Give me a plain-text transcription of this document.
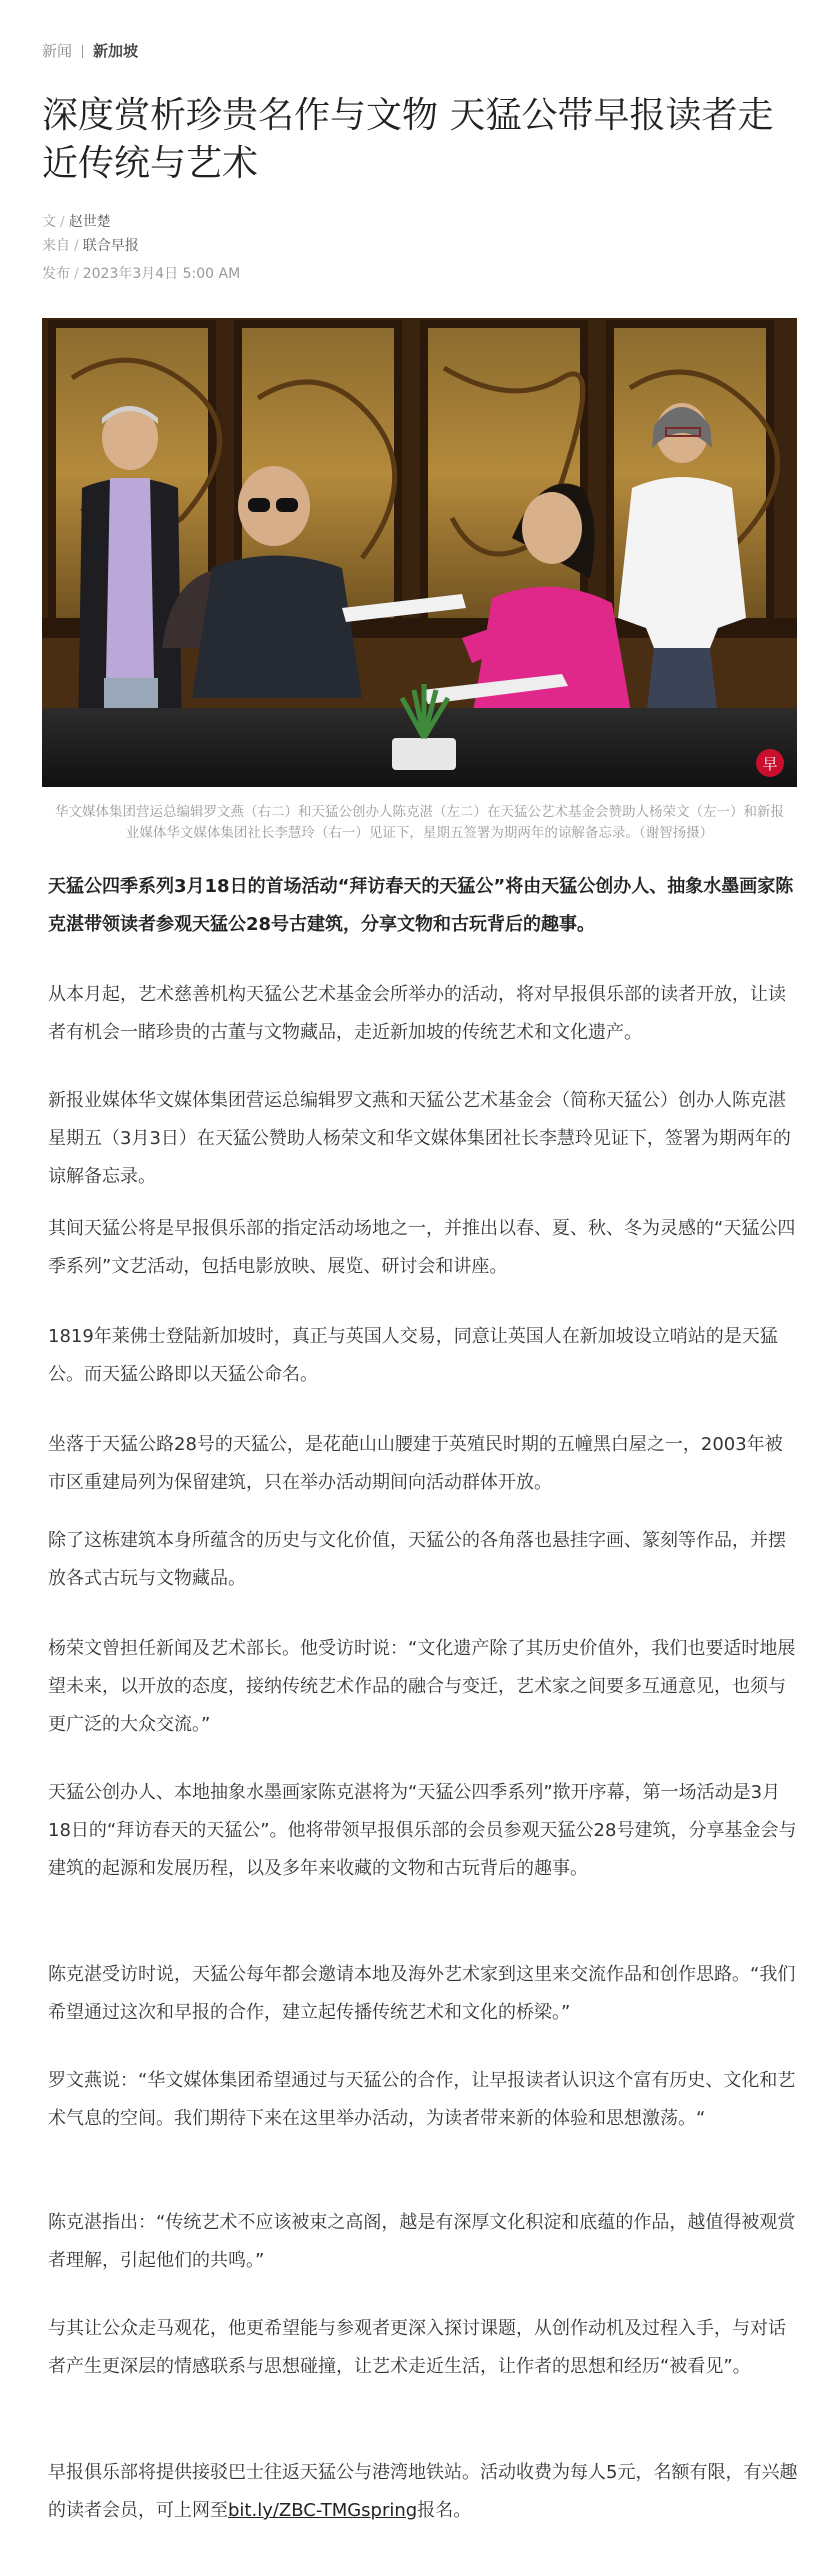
新闻 新加坡
深度赏析珍贵名作与文物 天猛公带早报读者走近传统与艺术
文 / 赵世楚
来自 / 联合早报
发布 / 2023年3月4日 5:00 AM
早
华文媒体集团营运总编辑罗文燕（右二）和天猛公创办人陈克湛（左二）在天猛公艺术基金会赞助人杨荣文（左一）和新报业媒体华文媒体集团社长李慧玲（右一）见证下，星期五签署为期两年的谅解备忘录。（谢智扬摄）

天猛公四季系列3月18日的首场活动“拜访春天的天猛公”将由天猛公创办人、抽象水墨画家陈克湛带领读者参观天猛公28号古建筑，分享文物和古玩背后的趣事。

从本月起，艺术慈善机构天猛公艺术基金会所举办的活动，将对早报俱乐部的读者开放，让读者有机会一睹珍贵的古董与文物藏品，走近新加坡的传统艺术和文化遗产。

新报业媒体华文媒体集团营运总编辑罗文燕和天猛公艺术基金会（简称天猛公）创办人陈克湛星期五（3月3日）在天猛公赞助人杨荣文和华文媒体集团社长李慧玲见证下，签署为期两年的谅解备忘录。

其间天猛公将是早报俱乐部的指定活动场地之一，并推出以春、夏、秋、冬为灵感的“天猛公四季系列”文艺活动，包括电影放映、展览、研讨会和讲座。

1819年莱佛士登陆新加坡时，真正与英国人交易，同意让英国人在新加坡设立哨站的是天猛公。而天猛公路即以天猛公命名。

坐落于天猛公路28号的天猛公，是花葩山山腰建于英殖民时期的五幢黑白屋之一，2003年被市区重建局列为保留建筑，只在举办活动期间向活动群体开放。

除了这栋建筑本身所蕴含的历史与文化价值，天猛公的各角落也悬挂字画、篆刻等作品，并摆放各式古玩与文物藏品。

杨荣文曾担任新闻及艺术部长。他受访时说：“文化遗产除了其历史价值外，我们也要适时地展望未来，以开放的态度，接纳传统艺术作品的融合与变迁，艺术家之间要多互通意见，也须与更广泛的大众交流。”

天猛公创办人、本地抽象水墨画家陈克湛将为“天猛公四季系列”揿开序幕，第一场活动是3月18日的“拜访春天的天猛公”。他将带领早报俱乐部的会员参观天猛公28号建筑，分享基金会与建筑的起源和发展历程，以及多年来收藏的文物和古玩背后的趣事。

陈克湛受访时说，天猛公每年都会邀请本地及海外艺术家到这里来交流作品和创作思路。“我们希望通过这次和早报的合作，建立起传播传统艺术和文化的桥梁。”

罗文燕说：“华文媒体集团希望通过与天猛公的合作，让早报读者认识这个富有历史、文化和艺术气息的空间。我们期待下来在这里举办活动，为读者带来新的体验和思想激荡。“

陈克湛指出：“传统艺术不应该被束之高阁，越是有深厚文化积淀和底蕴的作品，越值得被观赏者理解，引起他们的共鸣。”

与其让公众走马观花，他更希望能与参观者更深入探讨课题，从创作动机及过程入手，与对话者产生更深层的情感联系与思想碰撞，让艺术走近生活，让作者的思想和经历“被看见”。

早报俱乐部将提供接驳巴士往返天猛公与港湾地铁站。活动收费为每人5元，名额有限，有兴趣的读者会员，可上网至bit.ly/ZBC-TMGspring报名。
